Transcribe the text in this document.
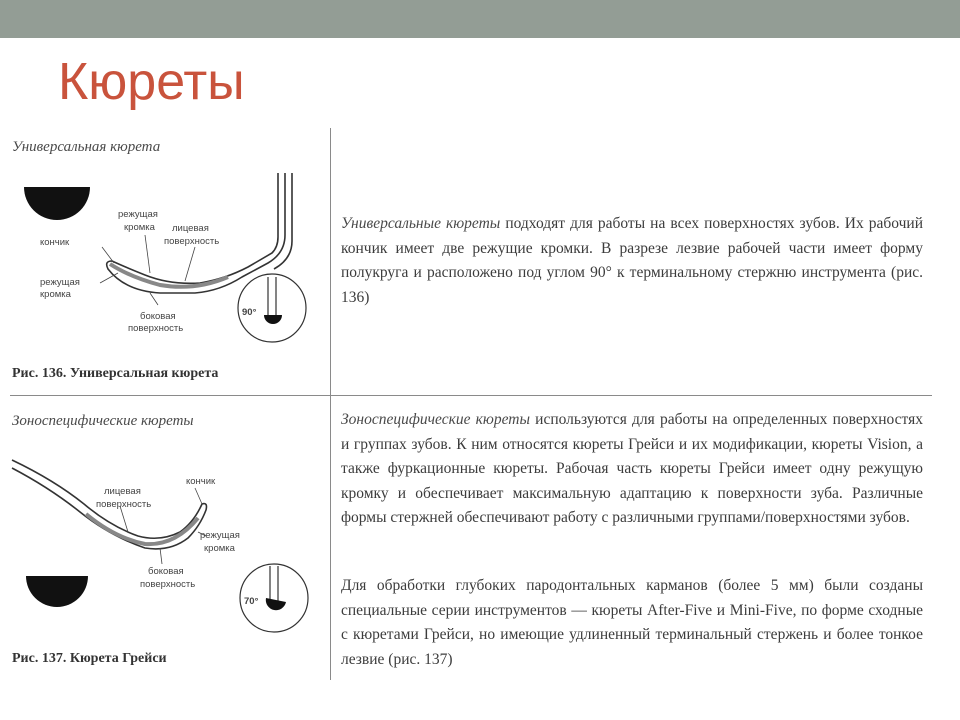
Кюреты
Универсальная кюрета
режущая
кромка лицевая
поверхность
кончик
режущая
кромка
боковая
поверхность
90°
Рис. 136. Универсальная кюрета
Универсальные кюреты подходят для работы на всех поверхностях зубов. Их рабочий кончик имеет две режущие кромки. В разрезе лезвие рабочей части имеет форму полукруга и расположено под углом 90° к терминальному стержню инструмента (рис. 136)
Зоноспецифические кюреты
лицевая
поверхность
кончик
режущая
кромка
боковая
поверхность
70°
Рис. 137. Кюрета Грейси
Зоноспецифические кюреты используются для работы на определенных поверхностях и группах зубов. К ним относятся кюреты Грейси и их модификации, кюреты Vision, а также фуркационные кюреты. Рабочая часть кюреты Грейси имеет одну режущую кромку и обеспечивает максимальную адаптацию к поверхности зуба. Различные формы стержней обеспечивают работу с различными группами/поверхностями зубов.
Для обработки глубоких пародонтальных карманов (более 5 мм) были созданы специальные серии инструментов — кюреты After-Five и Mini-Five, по форме сходные с кюретами Грейси, но имеющие удлиненный терминальный стержень и более тонкое лезвие (рис. 137)
